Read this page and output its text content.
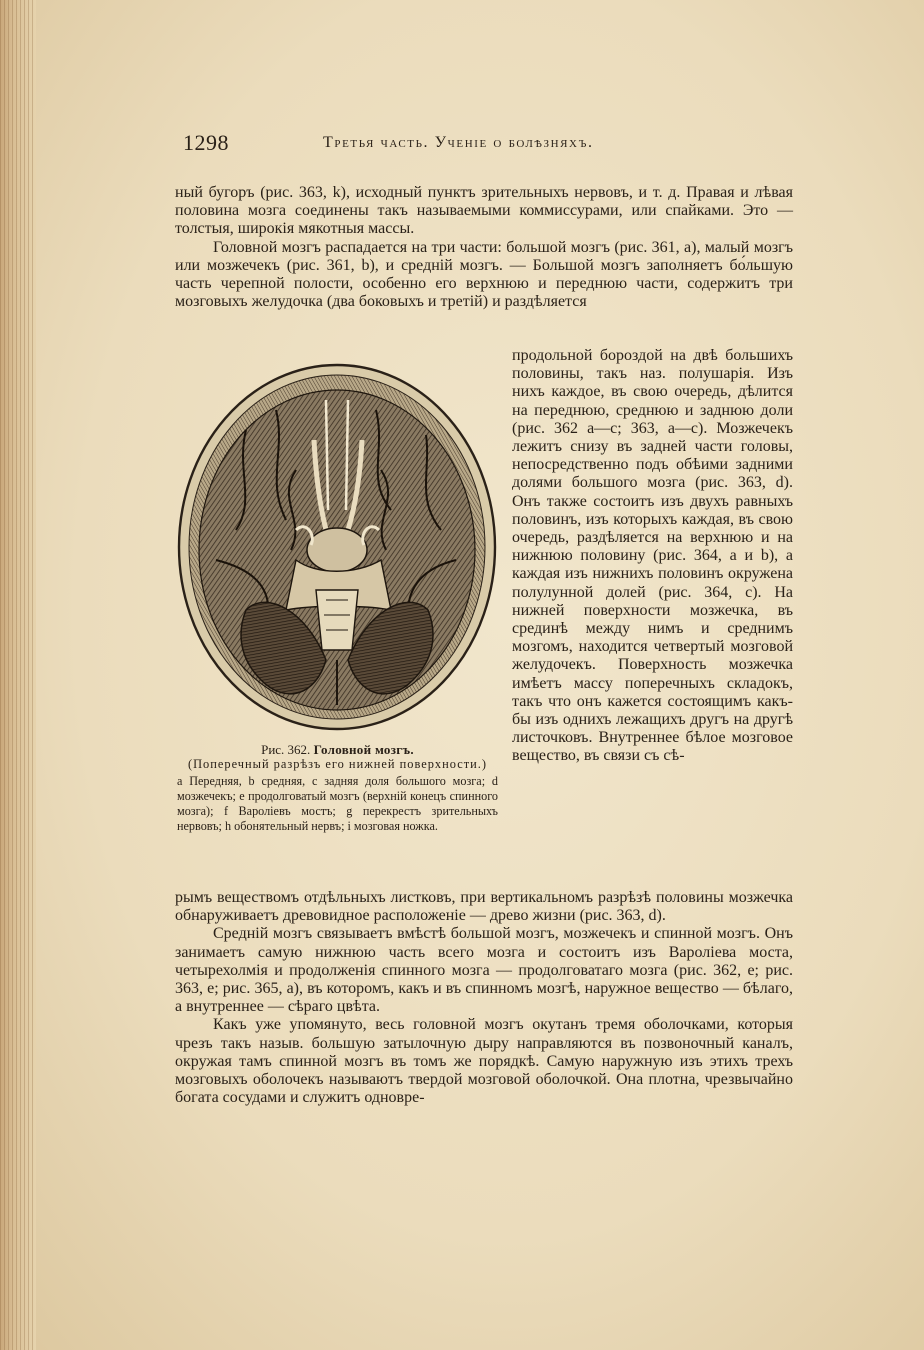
1298	Третья часть. Ученіе о болѣзняхъ.

ный бугоръ (рис. 363, k), исходный пунктъ зрительныхъ нервовъ, и т. д. Правая и лѣвая половина мозга соединены такъ называемыми коммиссурами, или спайками. Это — толстыя, широкія мякотныя массы.

Головной мозгъ распадается на три части: большой мозгъ (рис. 361, a), малый мозгъ или мозжечекъ (рис. 361, b), и средній мозгъ. — Большой мозгъ заполняетъ бо́льшую часть черепной полости, особенно его верхнюю и переднюю части, содержитъ три мозговыхъ желудочка (два боковыхъ и третій) и раздѣляется

Рис. 362. Головной мозгъ.
(Поперечный разрѣзъ его нижней поверхности.)
a Передняя, b средняя, c задняя доля большого мозга; d мозжечекъ; e продолговатый мозгъ (верхній конецъ спинного мозга); f Варолiевъ мостъ; g перекрестъ зрительныхъ нервовъ; h обонятельный нервъ; i мозговая ножка.
продольной бороздой на двѣ большихъ половины, такъ наз. полушарія. Изъ нихъ каждое, въ свою очередь, дѣлится на переднюю, среднюю и заднюю доли (рис. 362 a—c; 363, a—c). Мозжечекъ лежитъ снизу въ задней части головы, непосредственно подъ обѣими задними долями большого мозга (рис. 363, d). Онъ также состоитъ изъ двухъ равныхъ половинъ, изъ которыхъ каждая, въ свою очередь, раздѣляется на верхнюю и на нижнюю половину (рис. 364, a и b), а каждая изъ нижнихъ половинъ окружена полулунной долей (рис. 364, c). На нижней поверхности мозжечка, въ срединѣ между нимъ и среднимъ мозгомъ, находится четвертый мозговой желудочекъ. Поверхность мозжечка имѣетъ массу поперечныхъ складокъ, такъ что онъ кажется состоящимъ какъ-бы изъ однихъ лежащихъ другъ на другѣ листочковъ. Внутреннее бѣлое мозговое вещество, въ связи съ сѣ-

рымъ веществомъ отдѣльныхъ листковъ, при вертикальномъ разрѣзѣ половины мозжечка обнаруживаетъ древовидное расположеніе — древо жизни (рис. 363, d).

Средній мозгъ связываетъ вмѣстѣ большой мозгъ, мозжечекъ и спинной мозгъ. Онъ занимаетъ самую нижнюю часть всего мозга и состоитъ изъ Варолiева моста, четырехолмія и продолженія спинного мозга — продолговатаго мозга (рис. 362, e; рис. 363, e; рис. 365, a), въ которомъ, какъ и въ спинномъ мозгѣ, наружное вещество — бѣлаго, а внутреннее — сѣраго цвѣта.

Какъ уже упомянуто, весь головной мозгъ окутанъ тремя оболочками, которыя чрезъ такъ назыв. большую затылочную дыру направляются въ позвоночный каналъ, окружая тамъ спинной мозгъ въ томъ же порядкѣ. Самую наружную изъ этихъ трехъ мозговыхъ оболочекъ называютъ твердой мозговой оболочкой. Она плотна, чрезвычайно богата сосудами и служитъ одновре-
